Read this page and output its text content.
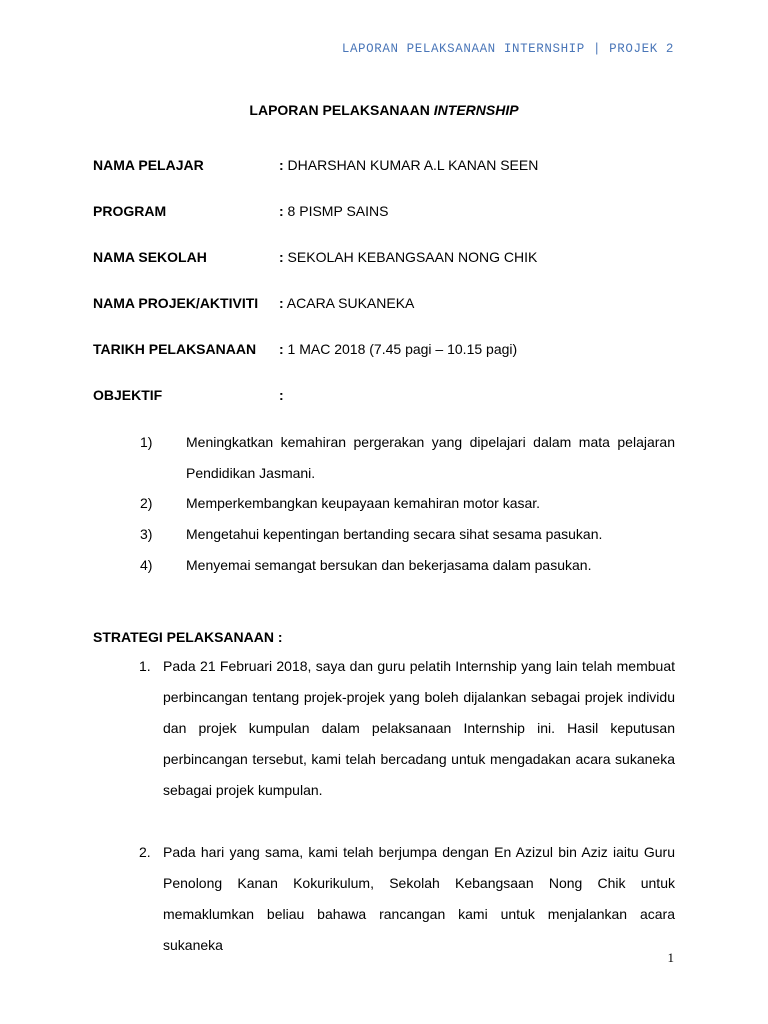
LAPORAN PELAKSANAAN INTERNSHIP | PROJEK 2
LAPORAN PELAKSANAAN INTERNSHIP
NAMA PELAJAR	: DHARSHAN KUMAR A.L KANAN SEEN
PROGRAM	: 8 PISMP SAINS
NAMA SEKOLAH	: SEKOLAH KEBANGSAAN NONG CHIK
NAMA PROJEK/AKTIVITI : ACARA SUKANEKA
TARIKH PELAKSANAAN : 1 MAC 2018 (7.45 pagi – 10.15 pagi)
OBJEKTIF	:
1) Meningkatkan kemahiran pergerakan yang dipelajari dalam mata pelajaran Pendidikan Jasmani.
2) Memperkembangkan keupayaan kemahiran motor kasar.
3) Mengetahui kepentingan bertanding secara sihat sesama pasukan.
4) Menyemai semangat bersukan dan bekerjasama dalam pasukan.
STRATEGI PELAKSANAAN :
1. Pada 21 Februari 2018, saya dan guru pelatih Internship yang lain telah membuat perbincangan tentang projek-projek yang boleh dijalankan sebagai projek individu dan projek kumpulan dalam pelaksanaan Internship ini. Hasil keputusan perbincangan tersebut, kami telah bercadang untuk mengadakan acara sukaneka sebagai projek kumpulan.
2. Pada hari yang sama, kami telah berjumpa dengan En Azizul bin Aziz iaitu Guru Penolong Kanan Kokurikulum, Sekolah Kebangsaan Nong Chik untuk memaklumkan beliau bahawa rancangan kami untuk menjalankan acara sukaneka
1
